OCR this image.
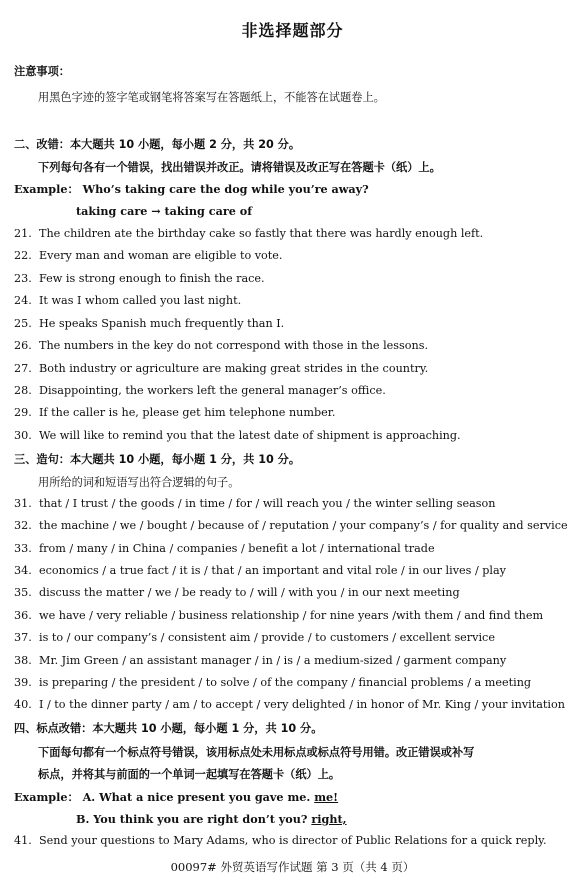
非选择题部分
注意事项：
用黑色字迹的签字笔或钢笔将答案写在答题纸上，不能答在试题卷上。
二、改错：本大题共 10 小题，每小题 2 分，共 20 分。
下列每句各有一个错误，找出错误并改正。请将错误及改正写在答题卡（纸）上。
Example： Who’s taking care the dog while you’re away?
taking care → taking care of
21. The children ate the birthday cake so fastly that there was hardly enough left.
22. Every man and woman are eligible to vote.
23. Few is strong enough to finish the race.
24. It was I whom called you last night.
25. He speaks Spanish much frequently than I.
26. The numbers in the key do not correspond with those in the lessons.
27. Both industry or agriculture are making great strides in the country.
28. Disappointing, the workers left the general manager’s office.
29. If the caller is he, please get him telephone number.
30. We will like to remind you that the latest date of shipment is approaching.
三、造句：本大题共 10 小题，每小题 1 分，共 10 分。
用所给的词和短语写出符合逻辑的句子。
31. that / I trust / the goods / in time / for / will reach you / the winter selling season
32. the machine / we / bought / because of / reputation / your company’s / for quality and service
33. from / many / in China / companies / benefit a lot / international trade
34. economics / a true fact / it is / that / an important and vital role / in our lives / play
35. discuss the matter / we / be ready to / will / with you / in our next meeting
36. we have / very reliable / business relationship / for nine years /with them / and find them
37. is to / our company’s / consistent aim / provide / to customers / excellent service
38. Mr. Jim Green / an assistant manager / in / is / a medium-sized / garment company
39. is preparing / the president / to solve / of the company / financial problems / a meeting
40. I / to the dinner party / am / to accept / very delighted / in honor of Mr. King / your invitation
四、标点改错：本大题共 10 小题，每小题 1 分，共 10 分。
下面每句都有一个标点符号错误，该用标点处未用标点或标点符号用错。改正错误或补写
标点，并将其与前面的一个单词一起填写在答题卡（纸）上。
Example： A. What a nice present you gave me. me!
B. You think you are right don’t you? right,
41. Send your questions to Mary Adams, who is director of Public Relations for a quick reply.
00097# 外贸英语写作试题 第 3 页（共 4 页）
